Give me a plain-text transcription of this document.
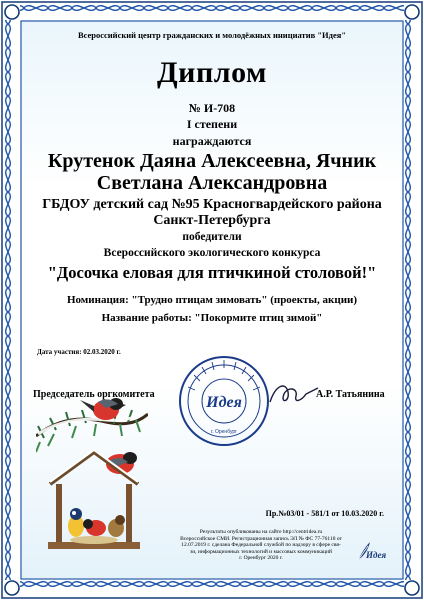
Всероссийский центр гражданских и молодёжных инициатив "Идея"
Диплом
№ И-708
I степени
награждаются
Крутенок Даяна Алексеевна, Ячник
Светлана Александровна
ГБДОУ детский сад №95 Красногвардейского района
Санкт-Петербурга
победители
Всероссийского экологического конкурса
"Досочка еловая для птичкиной столовой!"
Номинация: "Трудно птицам зимовать" (проекты, акции)
Название работы: "Покормите птиц зимой"
Дата участия: 02.03.2020 г.
Председатель оргкомитета	Идея
г. Оренбург
А.Р. Татьянина
Пр.№03/01 - 581/1 от 10.03.2020 г.
Результаты опубликованы на сайте http://centridea.ru
Всероссийское СМИ. Регистрационная запись ЭЛ № ФС 77-76118 от
12.07.2019 г. сделана Федеральной службой по надзору в сфере свя-
зи, информационных технологий и массовых коммуникаций
г. Оренбург 2020 г.	Идея
